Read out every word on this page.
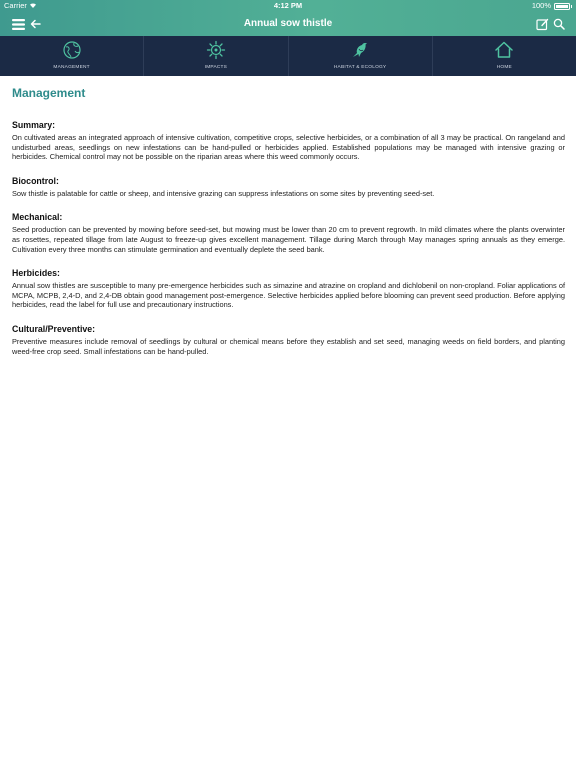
Carrier	4:12 PM	100%
Annual sow thistle
MANAGEMENT	IMPACTS	HABITAT & ECOLOGY	HOME
Management
Summary:

On cultivated areas an integrated approach of intensive cultivation, competitive crops, selective herbicides, or a combination of all 3 may be practical. On rangeland and undisturbed areas, seedlings on new infestations can be hand-pulled or herbicides applied. Established populations may be managed with intensive grazing or herbicides. Chemical control may not be possible on the riparian areas where this weed commonly occurs.

Biocontrol:

Sow thistle is palatable for cattle or sheep, and intensive grazing can suppress infestations on some sites by preventing seed-set.

Mechanical:

Seed production can be prevented by mowing before seed-set, but mowing must be lower than 20 cm to prevent regrowth. In mild climates where the plants overwinter as rosettes, repeated tillage from late August to freeze-up gives excellent management. Tillage during March through May manages spring annuals as they emerge. Cultivation every three months can stimulate germination and eventually deplete the seed bank.

Herbicides:

Annual sow thistles are susceptible to many pre-emergence herbicides such as simazine and atrazine on cropland and dichlobenil on non-cropland. Foliar applications of MCPA, MCPB, 2,4-D, and 2,4-DB obtain good management post-emergence. Selective herbicides applied before blooming can prevent seed production. Before applying herbicides, read the label for full use and precautionary instructions.

Cultural/Preventive:

Preventive measures include removal of seedlings by cultural or chemical means before they establish and set seed, managing weeds on field borders, and planting weed-free crop seed. Small infestations can be hand-pulled.
